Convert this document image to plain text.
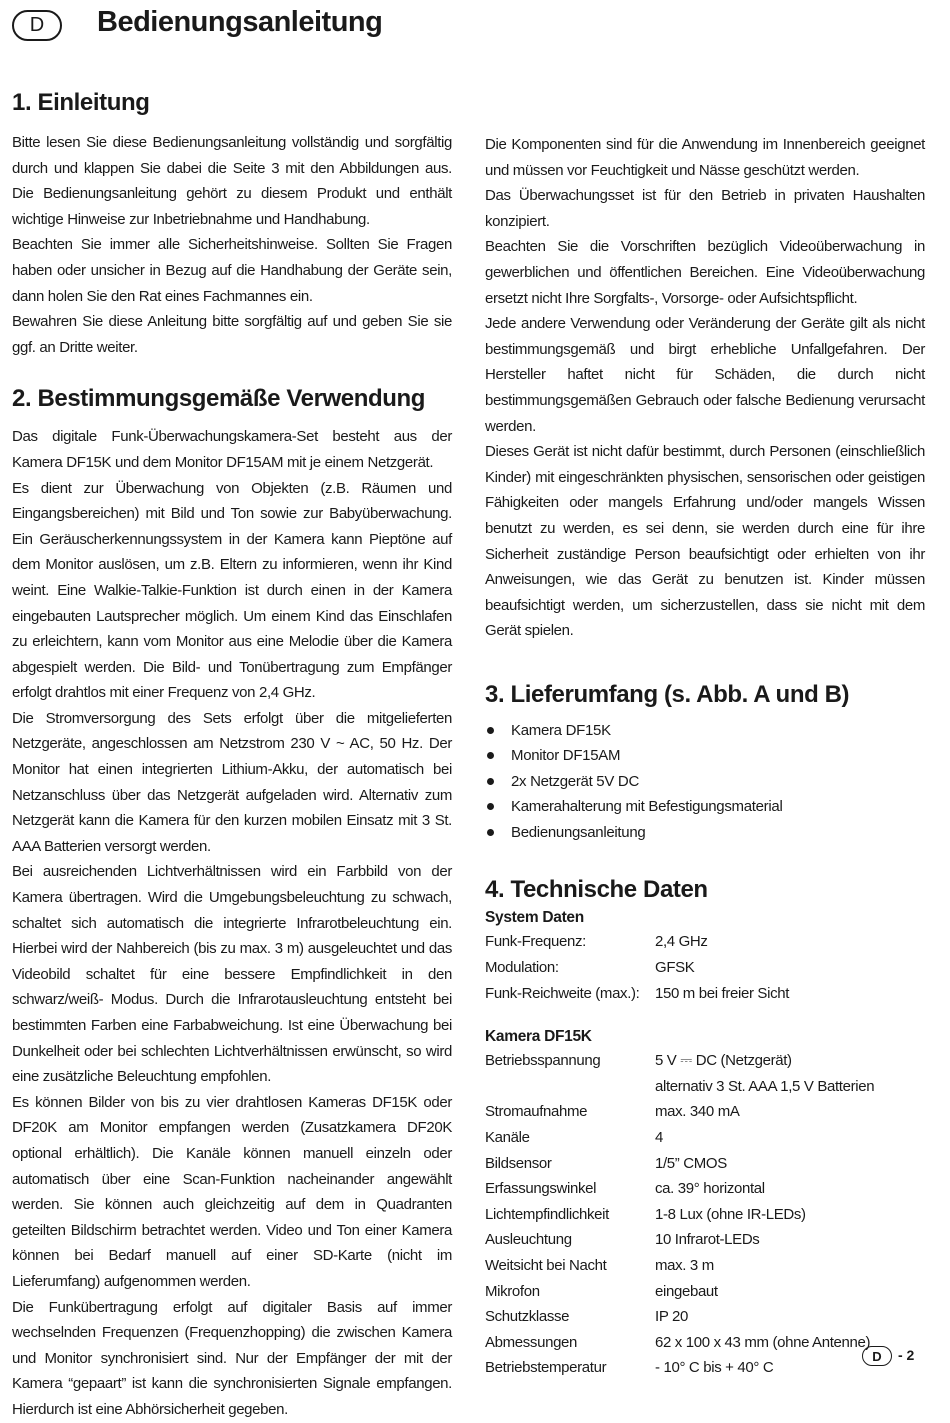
D	Bedienungsanleitung
1. Einleitung

Bitte lesen Sie diese Bedienungsanleitung vollständig und sorgfältig durch und klappen Sie dabei die Seite 3 mit den Abbildungen aus. Die Bedienungsanleitung gehört zu diesem Produkt und enthält wichtige Hinweise zur Inbetriebnahme und Handhabung.

Beachten Sie immer alle Sicherheitshinweise. Sollten Sie Fragen haben oder unsicher in Bezug auf die Handhabung der Geräte sein, dann holen Sie den Rat eines Fachmannes ein.

Bewahren Sie diese Anleitung bitte sorgfältig auf und geben Sie sie ggf. an Dritte weiter.

2. Bestimmungsgemäße Verwendung

Das digitale Funk-Überwachungskamera-Set besteht aus der Kamera DF15K und dem Monitor DF15AM mit je einem Netzgerät.

Es dient zur Überwachung von Objekten (z.B. Räumen und Eingangsbereichen) mit Bild und Ton sowie zur Babyüberwachung. Ein Geräuscherkennungssystem in der Kamera kann Pieptöne auf dem Monitor auslösen, um z.B. Eltern zu informieren, wenn ihr Kind weint. Eine Walkie-Talkie-Funktion ist durch einen in der Kamera eingebauten Lautsprecher möglich. Um einem Kind das Einschlafen zu erleichtern, kann vom Monitor aus eine Melodie über die Kamera abgespielt werden. Die Bild- und Tonübertragung zum Empfänger erfolgt drahtlos mit einer Frequenz von 2,4 GHz.

Die Stromversorgung des Sets erfolgt über die mitgelieferten Netzgeräte, angeschlossen am Netzstrom 230 V ~ AC, 50 Hz. Der Monitor hat einen integrierten Lithium-Akku, der automatisch bei Netzanschluss über das Netzgerät aufgeladen wird. Alternativ zum Netzgerät kann die Kamera für den kurzen mobilen Einsatz mit 3 St. AAA Batterien versorgt werden.

Bei ausreichenden Lichtverhältnissen wird ein Farbbild von der Kamera übertragen. Wird die Umgebungsbeleuchtung zu schwach, schaltet sich automatisch die integrierte Infrarotbeleuchtung ein. Hierbei wird der Nahbereich (bis zu max. 3 m) ausgeleuchtet und das Videobild schaltet für eine bessere Empfindlichkeit in den schwarz/weiß- Modus. Durch die Infrarotausleuchtung entsteht bei bestimmten Farben eine Farbabweichung. Ist eine Überwachung bei Dunkelheit oder bei schlechten Lichtverhältnissen erwünscht, so wird eine zusätzliche Beleuchtung empfohlen.

Es können Bilder von bis zu vier drahtlosen Kameras DF15K oder DF20K am Monitor empfangen werden (Zusatzkamera DF20K optional erhältlich). Die Kanäle können manuell einzeln oder automatisch über eine Scan-Funktion nacheinander angewählt werden. Sie können auch gleichzeitig auf dem in Quadranten geteilten Bildschirm betrachtet werden. Video und Ton einer Kamera können bei Bedarf manuell auf einer SD-Karte (nicht im Lieferumfang) aufgenommen werden.

Die Funkübertragung erfolgt auf digitaler Basis auf immer wechselnden Frequenzen (Frequenzhopping) die zwischen Kamera und Monitor synchronisiert sind. Nur der Empfänger der mit der Kamera “gepaart” ist kann die synchronisierten Signale empfangen. Hierdurch ist eine Abhörsicherheit gegeben.

Die Komponenten sind für die Anwendung im Innenbereich geeignet und müssen vor Feuchtigkeit und Nässe geschützt werden.

Das Überwachungsset ist für den Betrieb in privaten Haushalten konzipiert.

Beachten Sie die Vorschriften bezüglich Videoüberwachung in gewerblichen und öffentlichen Bereichen. Eine Videoüberwachung ersetzt nicht Ihre Sorgfalts-, Vorsorge- oder Aufsichtspflicht.

Jede andere Verwendung oder Veränderung der Geräte gilt als nicht bestimmungsgemäß und birgt erhebliche Unfallgefahren. Der Hersteller haftet nicht für Schäden, die durch nicht bestimmungsgemäßen Gebrauch oder falsche Bedienung verursacht werden.

Dieses Gerät ist nicht dafür bestimmt, durch Personen (einschließlich Kinder) mit eingeschränkten physischen, sensorischen oder geistigen Fähigkeiten oder mangels Erfahrung und/oder mangels Wissen benutzt zu werden, es sei denn, sie werden durch eine für ihre Sicherheit zuständige Person beaufsichtigt oder erhielten von ihr Anweisungen, wie das Gerät zu benutzen ist. Kinder müssen beaufsichtigt werden, um sicherzustellen, dass sie nicht mit dem Gerät spielen.

3. Lieferumfang (s. Abb. A und B)
Kamera DF15K
Monitor DF15AM
2x Netzgerät 5V DC
Kamerahalterung mit Befestigungsmaterial
Bedienungsanleitung
4. Technische Daten
System Daten
Funk-Frequenz:	2,4 GHz
Modulation:	GFSK
Funk-Reichweite (max.):	150 m bei freier Sicht
Kamera DF15K
Betriebsspannung	5 V ⎓ DC (Netzgerät)
	alternativ 3 St. AAA 1,5 V Batterien
Stromaufnahme	max. 340 mA
Kanäle	4
Bildsensor	1/5” CMOS
Erfassungswinkel	ca. 39° horizontal
Lichtempfindlichkeit	1-8 Lux (ohne IR-LEDs)
Ausleuchtung	10 Infrarot-LEDs
Weitsicht bei Nacht	max. 3 m
Mikrofon	eingebaut
Schutzklasse	IP 20
Abmessungen	62 x 100 x 43 mm (ohne Antenne)
Betriebstemperatur	- 10° C bis + 40° C
D	- 2
